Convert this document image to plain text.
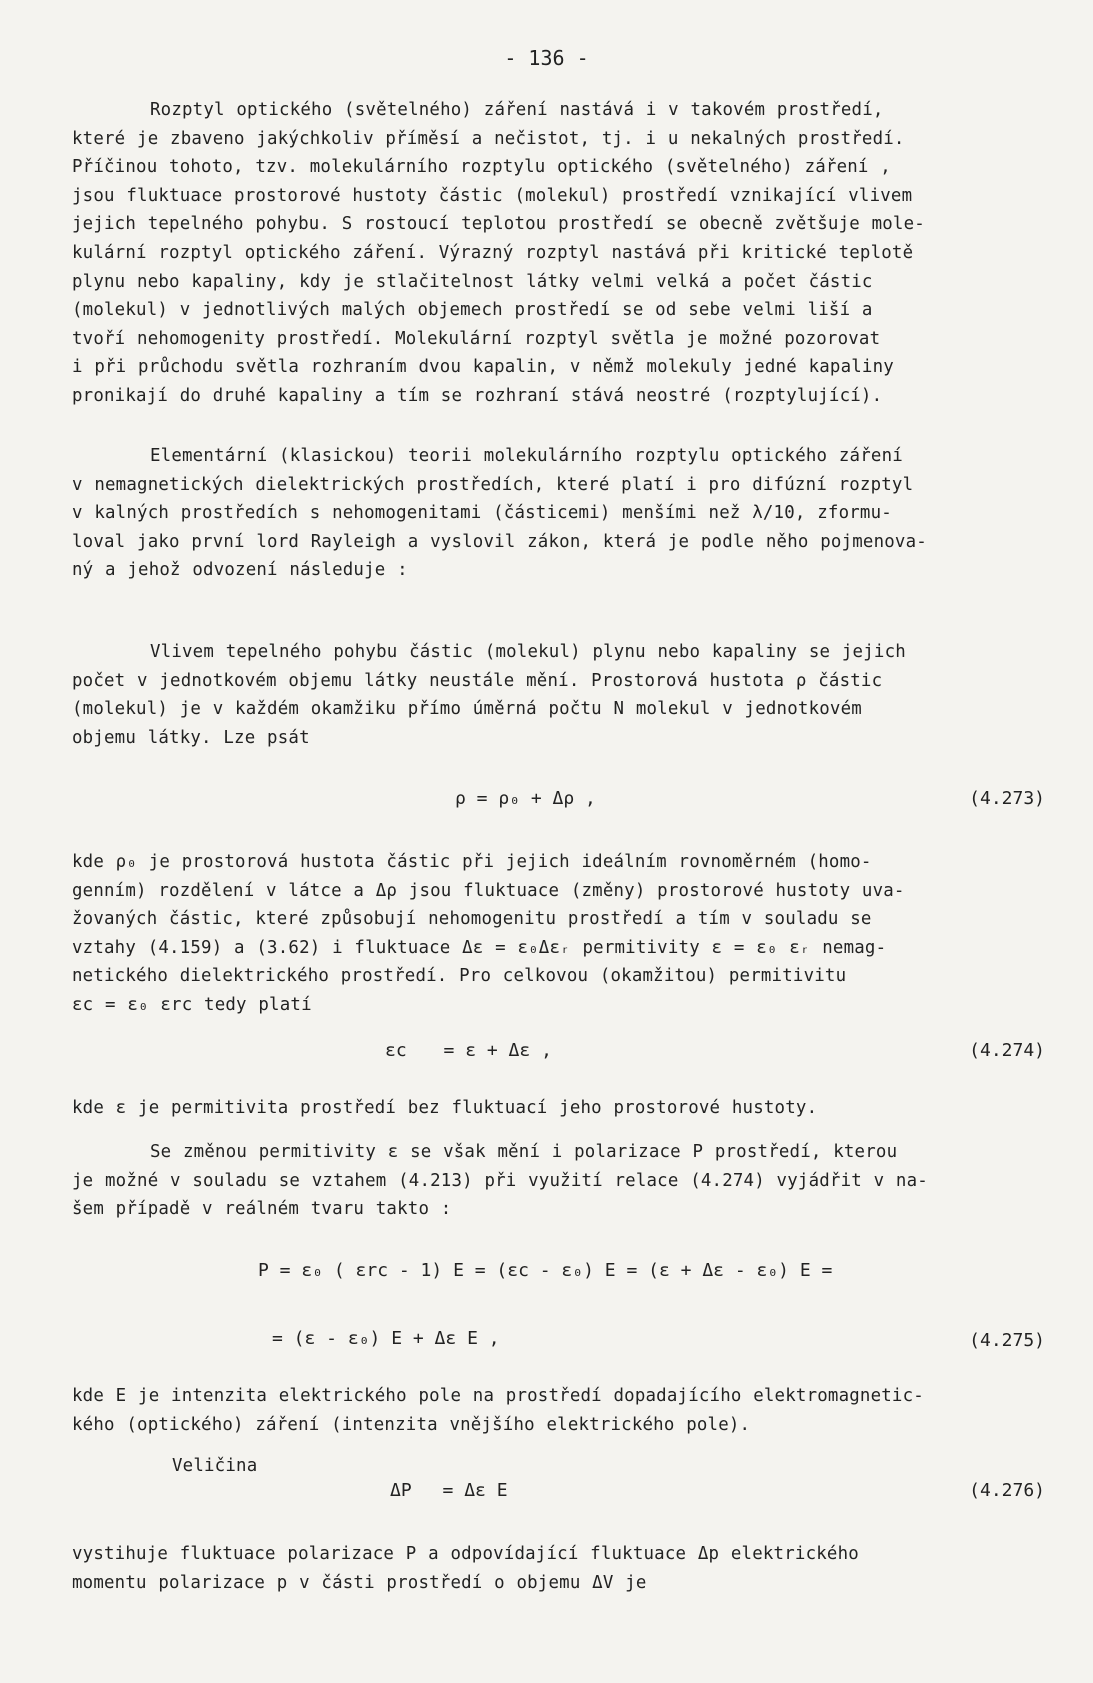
- 136 -
Rozptyl optického (světelného) záření nastává i v takovém prostředí,
které je zbaveno jakýchkoliv příměsí a nečistot, tj. i u nekalných prostředí.
Příčinou tohoto, tzv. molekulárního rozptylu optického (světelného) záření ,
jsou fluktuace prostorové hustoty částic (molekul) prostředí vznikající vlivem
jejich tepelného pohybu. S rostoucí teplotou prostředí se obecně zvětšuje mole-
kulární rozptyl optického záření. Výrazný rozptyl nastává při kritické teplotě
plynu nebo kapaliny, kdy je stlačitelnost látky velmi velká a počet částic
(molekul) v jednotlivých malých objemech prostředí se od sebe velmi liší a
tvoří nehomogenity prostředí. Molekulární rozptyl světla je možné pozorovat
i při průchodu světla rozhraním dvou kapalin, v němž molekuly jedné kapaliny
pronikají do druhé kapaliny a tím se rozhraní stává neostré (rozptylující).
Elementární (klasickou) teorii molekulárního rozptylu optického záření
v nemagnetických dielektrických prostředích, které platí i pro difúzní rozptyl
v kalných prostředích s nehomogenitami (částicemi) menšími než λ/10, zformu-
loval jako první lord Rayleigh a vyslovil zákon, která je podle něho pojmenova-
ný a jehož odvození následuje :
Vlivem tepelného pohybu částic (molekul) plynu nebo kapaliny se jejich
počet v jednotkovém objemu látky neustále mění. Prostorová hustota ρ částic
(molekul) je v každém okamžiku přímo úměrná počtu N molekul v jednotkovém
objemu látky. Lze psát
ρ = ρ₀ + Δρ ,	(4.273)
kde ρ₀ je prostorová hustota částic při jejich ideálním rovnoměrném (homo-
genním) rozdělení v látce a Δρ jsou fluktuace (změny) prostorové hustoty uva-
žovaných částic, které způsobují nehomogenitu prostředí a tím v souladu se
vztahy (4.159) a (3.62) i fluktuace Δε = ε₀Δεᵣ permitivity ε = ε₀ εᵣ nemag-
netického dielektrického prostředí. Pro celkovou (okamžitou) permitivitu
εc = ε₀ εrc tedy platí
εc = ε + Δε ,	(4.274)
kde ε je permitivita prostředí bez fluktuací jeho prostorové hustoty.
Se změnou permitivity ε se však mění i polarizace P prostředí, kterou
je možné v souladu se vztahem (4.213) při využití relace (4.274) vyjádřit v na-
šem případě v reálném tvaru takto :
P = ε₀ ( εrc - 1) E = (εc - ε₀) E = (ε + Δε - ε₀) E =
= (ε - ε₀) E + Δε E ,	(4.275)
kde E je intenzita elektrického pole na prostředí dopadajícího elektromagnetic-
kého (optického) záření (intenzita vnějšího elektrického pole).
Veličina
ΔP = Δε E	(4.276)
vystihuje fluktuace polarizace P a odpovídající fluktuace Δp elektrického
momentu polarizace p v části prostředí o objemu ΔV je
